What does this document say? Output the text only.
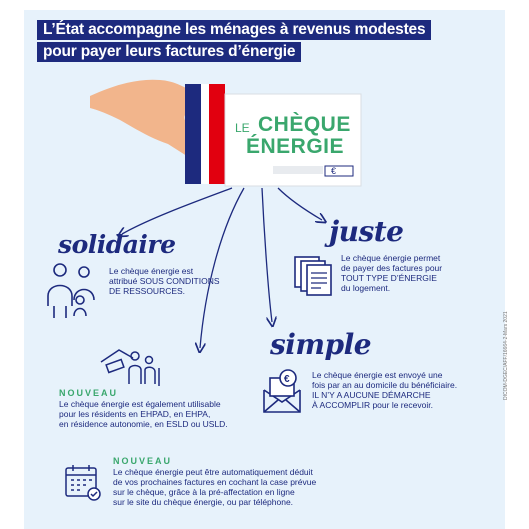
L’État accompagne les ménages à revenus modestes
pour payer leurs factures d’énergie
LE CHÈQUE
ÉNERGIE
€
solidaire
Le chèque énergie est
attribué SOUS CONDITIONS
DE RESSOURCES.
juste
Le chèque énergie permet
de payer des factures pour
TOUT TYPE D’ÉNERGIE
du logement.
simple
€	Le chèque énergie est envoyé une
fois par an au domicile du bénéficiaire.
IL N’Y A AUCUNE DÉMARCHE
À ACCOMPLIR pour le recevoir.
NOUVEAU
Le chèque énergie est également utilisable
pour les résidents en EHPAD, en EHPA,
en résidence autonomie, en ESLD ou USLD.
NOUVEAU
Le chèque énergie peut être automatiquement déduit
de vos prochaines factures en cochant la case prévue
sur le chèque, grâce à la pré-affectation en ligne
sur le site du chèque énergie, ou par téléphone.
DICOM-DGEC/AFF/16664-2-Mars 2021
